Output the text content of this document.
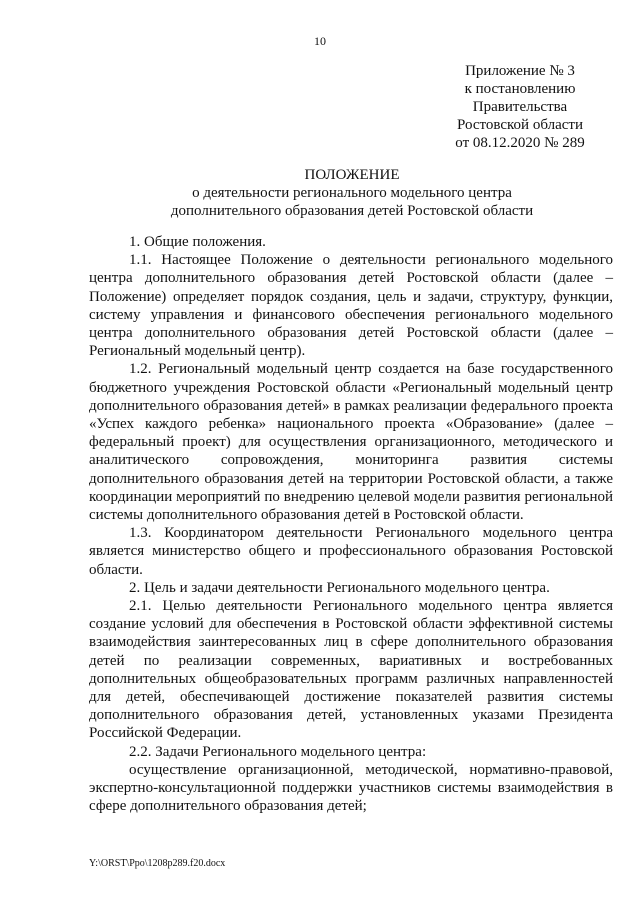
10
Приложение № 3
к постановлению
Правительства
Ростовской области
от 08.12.2020 № 289
ПОЛОЖЕНИЕ
о деятельности регионального модельного центра
дополнительного образования детей Ростовской области

1. Общие положения.

1.1. Настоящее Положение о деятельности регионального модельного центра дополнительного образования детей Ростовской области (далее – Положение) определяет порядок создания, цель и задачи, структуру, функции, систему управления и финансового обеспечения регионального модельного центра дополнительного образования детей Ростовской области (далее – Региональный модельный центр).

1.2. Региональный модельный центр создается на базе государственного бюджетного учреждения Ростовской области «Региональный модельный центр дополнительного образования детей» в рамках реализации федерального проекта «Успех каждого ребенка» национального проекта «Образование» (далее – федеральный проект) для осуществления организационного, методического и аналитического сопровождения, мониторинга развития системы дополнительного образования детей на территории Ростовской области, а также координации мероприятий по внедрению целевой модели развития региональной системы дополнительного образования детей в Ростовской области.

1.3. Координатором деятельности Регионального модельного центра является министерство общего и профессионального образования Ростовской области.

2. Цель и задачи деятельности Регионального модельного центра.

2.1. Целью деятельности Регионального модельного центра является создание условий для обеспечения в Ростовской области эффективной системы взаимодействия заинтересованных лиц в сфере дополнительного образования детей по реализации современных, вариативных и востребованных дополнительных общеобразовательных программ различных направленностей для детей, обеспечивающей достижение показателей развития системы дополнительного образования детей, установленных указами Президента Российской Федерации.

2.2. Задачи Регионального модельного центра:

осуществление организационной, методической, нормативно-правовой, экспертно-консультационной поддержки участников системы взаимодействия в сфере дополнительного образования детей;

Y:\ORST\Ppo\1208p289.f20.docx
